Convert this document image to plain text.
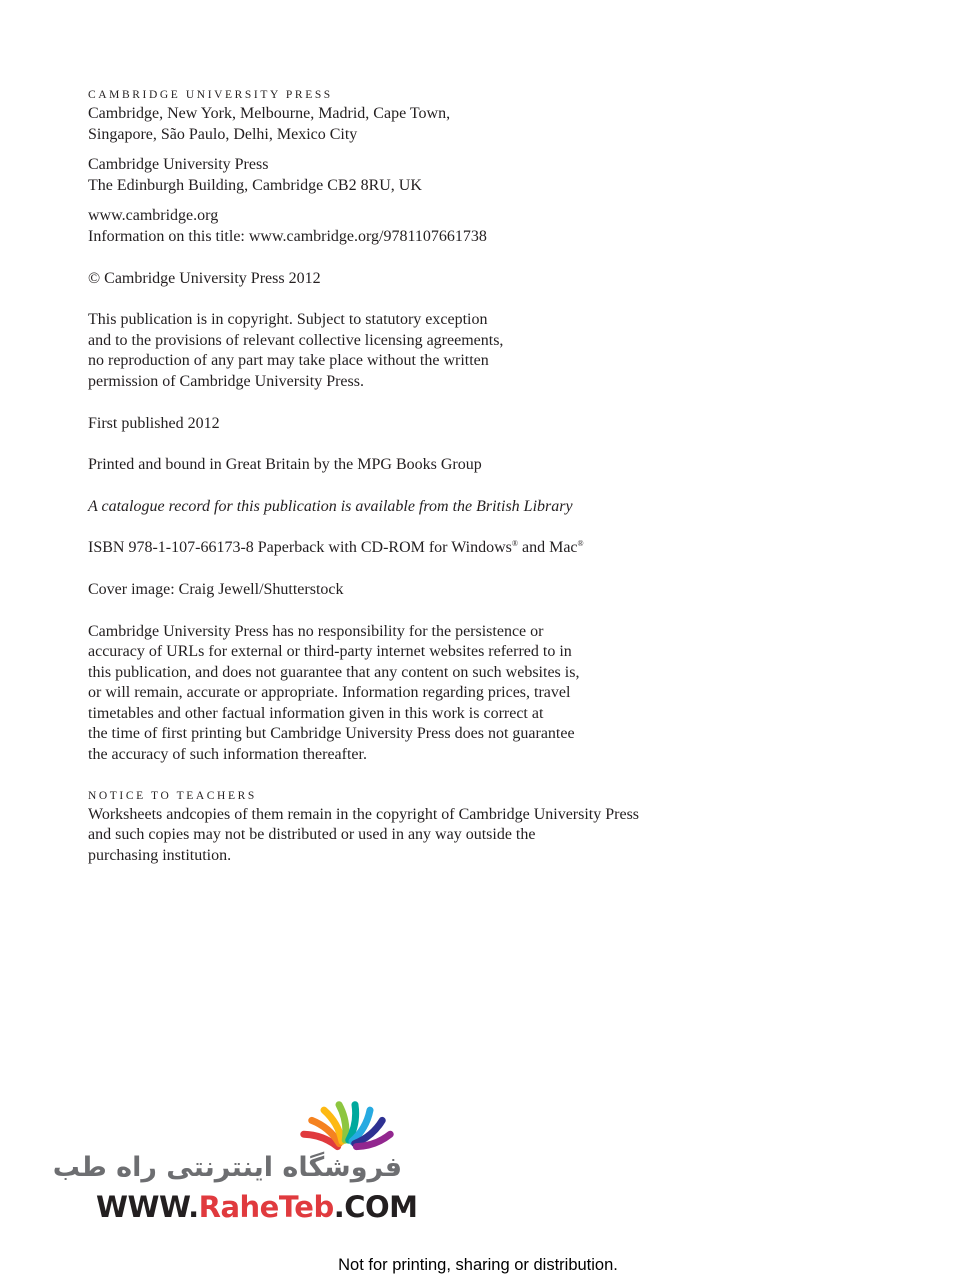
CAMBRIDGE UNIVERSITY PRESS
Cambridge, New York, Melbourne, Madrid, Cape Town,
Singapore, São Paulo, Delhi, Mexico City
Cambridge University Press
The Edinburgh Building, Cambridge CB2 8RU, UK
www.cambridge.org
Information on this title: www.cambridge.org/9781107661738
© Cambridge University Press 2012
This publication is in copyright. Subject to statutory exception
and to the provisions of relevant collective licensing agreements,
no reproduction of any part may take place without the written
permission of Cambridge University Press.
First published 2012
Printed and bound in Great Britain by the MPG Books Group
A catalogue record for this publication is available from the British Library
ISBN 978-1-107-66173-8 Paperback with CD-ROM for Windows® and Mac®
Cover image: Craig Jewell/Shutterstock
Cambridge University Press has no responsibility for the persistence or
accuracy of URLs for external or third-party internet websites referred to in
this publication, and does not guarantee that any content on such websites is,
or will remain, accurate or appropriate. Information regarding prices, travel
timetables and other factual information given in this work is correct at
the time of first printing but Cambridge University Press does not guarantee
the accuracy of such information thereafter.
NOTICE TO TEACHERS
Worksheets andcopies of them remain in the copyright of Cambridge University Press
and such copies may not be distributed or used in any way outside the
purchasing institution.
فروشگاه اینترنتی راه طب
WWW.RaheTeb.COM
Not for printing, sharing or distribution.
